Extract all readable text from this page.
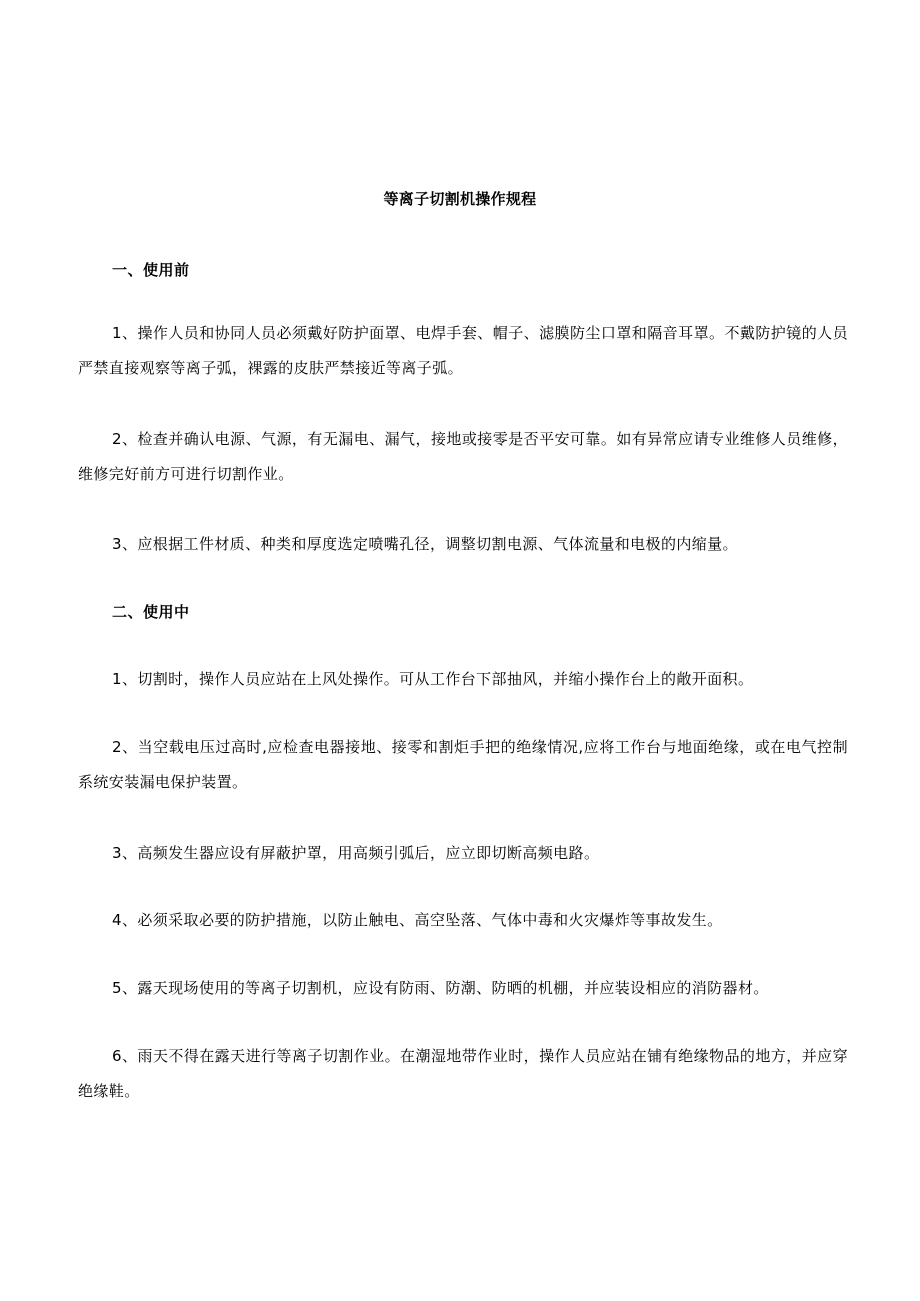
等离子切割机操作规程
一、使用前
1、操作人员和协同人员必须戴好防护面罩、电焊手套、帽子、滤膜防尘口罩和隔音耳罩。不戴防护镜的人员严禁直接观察等离子弧，裸露的皮肤严禁接近等离子弧。
2、检查并确认电源、气源，有无漏电、漏气，接地或接零是否平安可靠。如有异常应请专业维修人员维修，维修完好前方可进行切割作业。
3、应根据工件材质、种类和厚度选定喷嘴孔径，调整切割电源、气体流量和电极的内缩量。
二、使用中
1、切割时，操作人员应站在上风处操作。可从工作台下部抽风，并缩小操作台上的敞开面积。
2、当空载电压过高时,应检查电器接地、接零和割炬手把的绝缘情况,应将工作台与地面绝缘，或在电气控制系统安装漏电保护装置。
3、高频发生器应设有屏蔽护罩，用高频引弧后，应立即切断高频电路。
4、必须采取必要的防护措施，以防止触电、高空坠落、气体中毒和火灾爆炸等事故发生。
5、露天现场使用的等离子切割机，应设有防雨、防潮、防晒的机棚，并应装设相应的消防器材。
6、雨天不得在露天进行等离子切割作业。在潮湿地带作业时，操作人员应站在铺有绝缘物品的地方，并应穿绝缘鞋。
